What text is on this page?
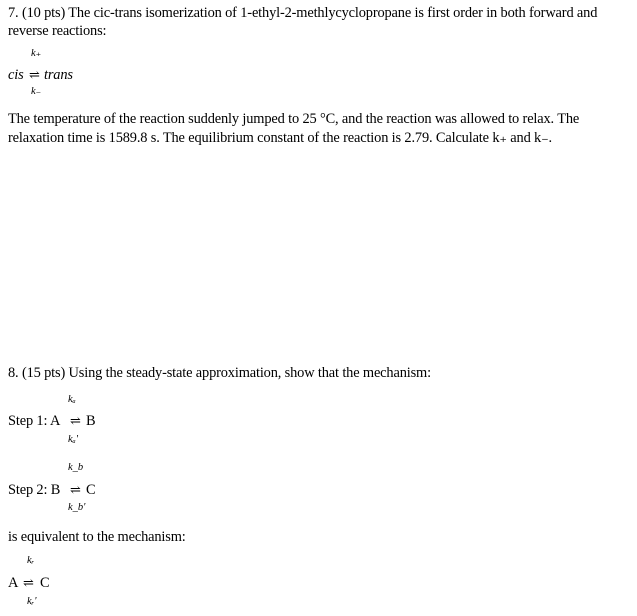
7. (10 pts) The cic-trans isomerization of 1-ethyl-2-methlycyclopropane is first order in both forward and
reverse reactions:
k₊
cis ⇌ trans
k₋
The temperature of the reaction suddenly jumped to 25 °C, and the reaction was allowed to relax. The
relaxation time is 1589.8 s. The equilibrium constant of the reaction is 2.79. Calculate k₊ and k₋.
8. (15 pts) Using the steady-state approximation, show that the mechanism:
kₐ
Step 1: A ⇌ B
kₐ'
k_b
Step 2: B ⇌ C
k_b'
is equivalent to the mechanism:
kᵣ
A ⇌ C
kᵣ'
